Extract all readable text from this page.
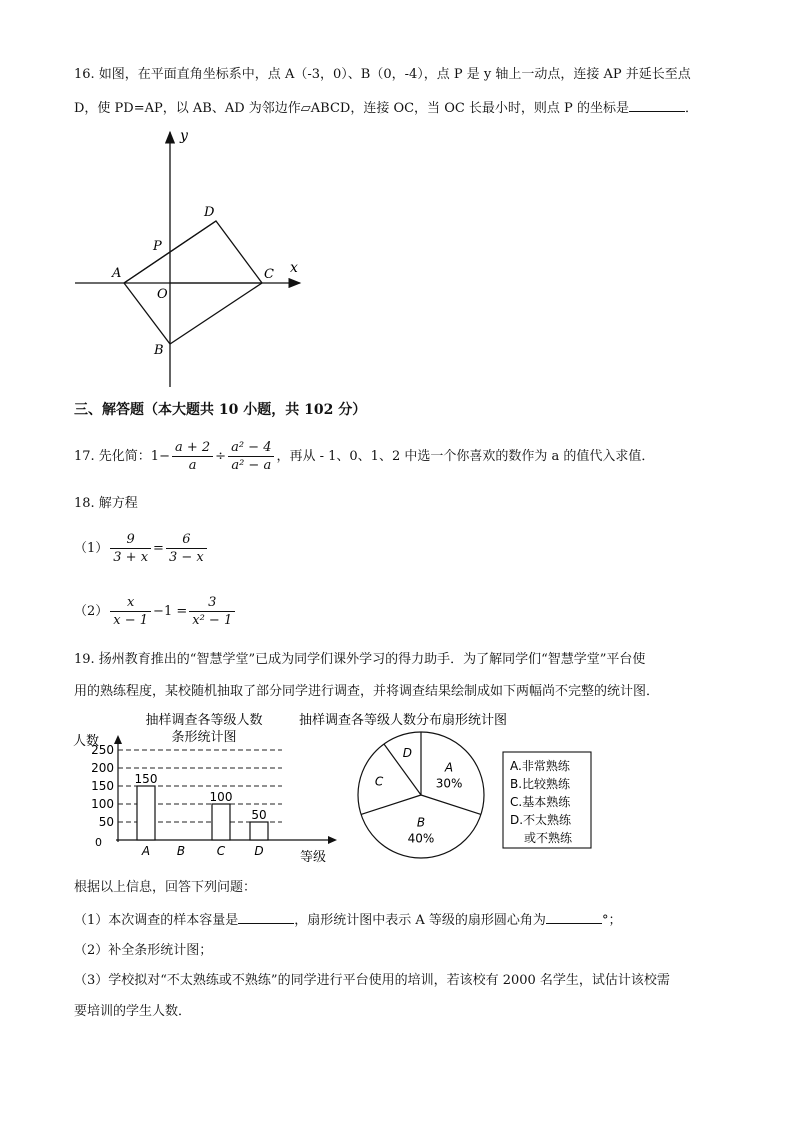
16. 如图，在平面直角坐标系中，点 A（-3，0）、B（0，-4），点 P 是 y 轴上一动点，连接 AP 并延长至点
D，使 PD=AP，以 AB、AD 为邻边作▱ABCD，连接 OC，当 OC 长最小时，则点 P 的坐标是	．
y
x
A
B
C
D
O
P
三、解答题（本大题共 10 小题，共 102 分）
17. 先化简：$1- \frac{a + 2}{a} \div \frac{\text{a² − 4}}{\text{a² − a}}$ ，再从 - 1、0、1、2 中选一个你喜欢的数作为 a 的值代入求值．
18. 解方程
$(1) \frac{9}{3 + x} = \frac{6}{3 - x}$
$(2) \frac{x}{x - 1} -1 = \frac{3}{\text{x² − 1}}$
19. 扬州教育推出的“智慧学堂”已成为同学们课外学习的得力助手．为了解同学们“智慧学堂”平台使
用的熟练程度，某校随机抽取了部分同学进行调查，并将调查结果绘制成如下两幅尚不完整的统计图．
抽样调查各等级人数
条形统计图
人数
等级
0
50
100
150
200
250
A
150
B	C
100
D
50
抽样调查各等级人数分布扇形统计图
A
30%
B
40%
C
D
A.非常熟练
B.比较熟练
C.基本熟练
D.不太熟练
或不熟练
根据以上信息，回答下列问题：
（1）本次调查的样本容量是	，扇形统计图中表示 A 等级的扇形圆心角为	°；
（2）补全条形统计图；
（3）学校拟对“不太熟练或不熟练”的同学进行平台使用的培训，若该校有 2000 名学生，试估计该校需
要培训的学生人数．
